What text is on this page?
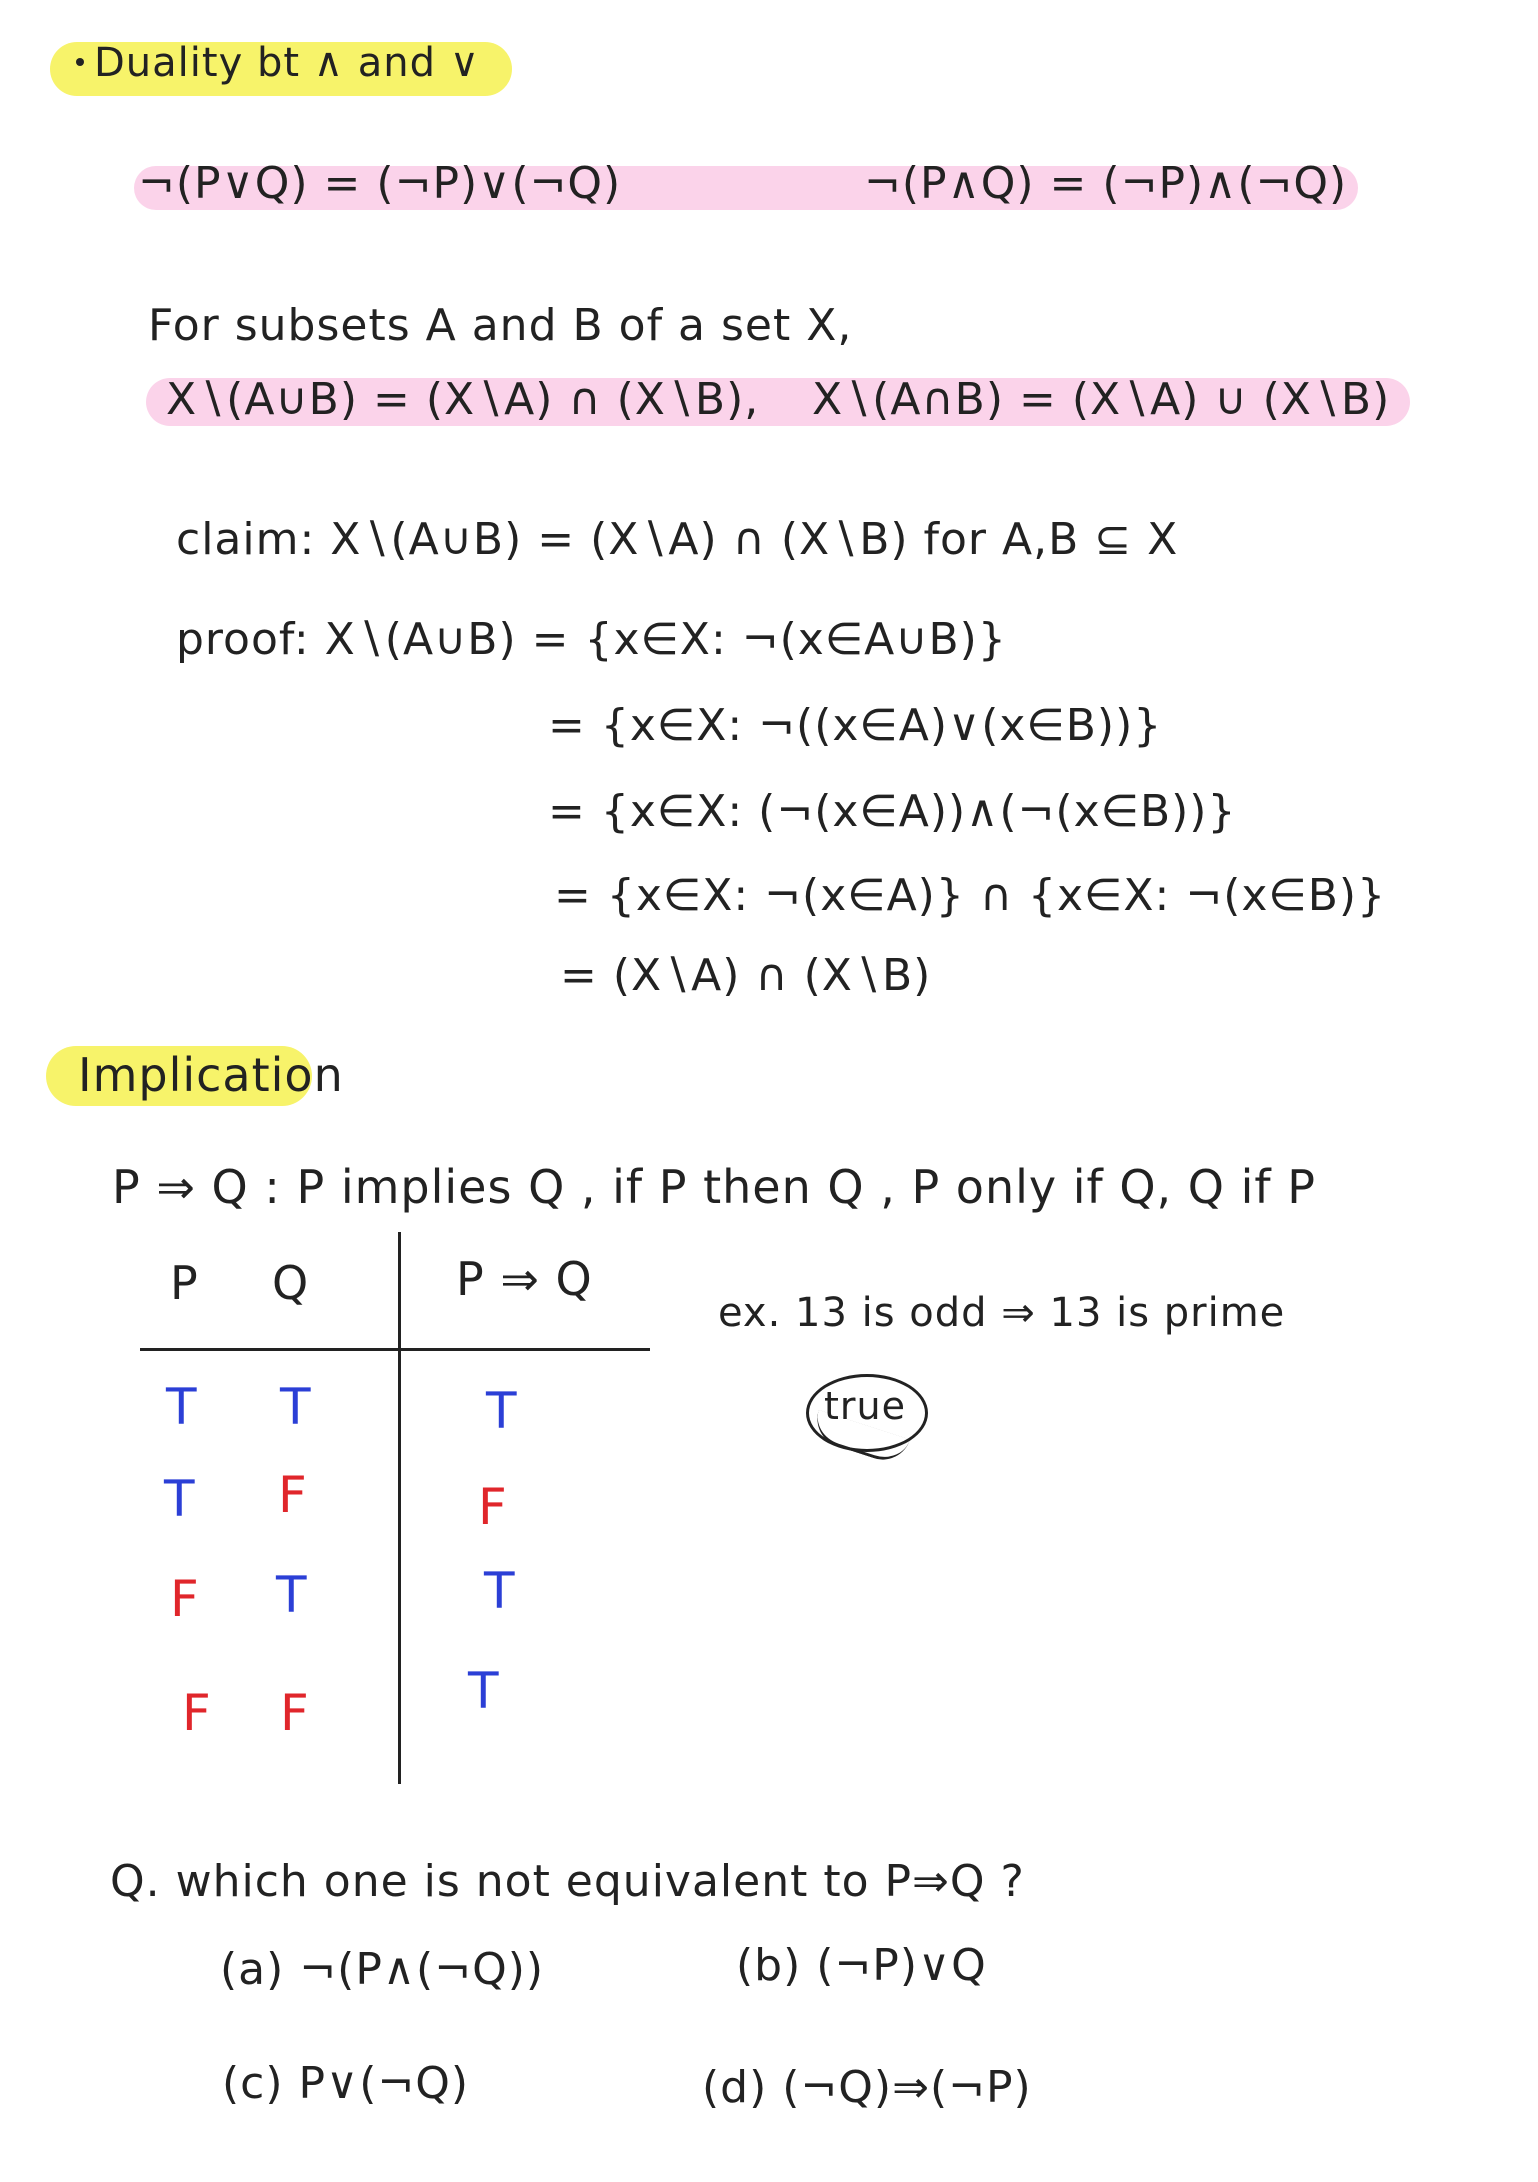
Duality bt ∧ and ∨
¬(P∨Q) = (¬P)∨(¬Q)	¬(P∧Q) = (¬P)∧(¬Q)
For subsets A and B of a set X,
X∖(A∪B) = (X∖A) ∩ (X∖B), X∖(A∩B) = (X∖A) ∪ (X∖B)
claim: X∖(A∪B) = (X∖A) ∩ (X∖B) for A,B ⊆ X
proof: X∖(A∪B) = {x∈X: ¬(x∈A∪B)}
= {x∈X: ¬((x∈A)∨(x∈B))}
= {x∈X: (¬(x∈A))∧(¬(x∈B))}
= {x∈X: ¬(x∈A)} ∩ {x∈X: ¬(x∈B)}
= (X∖A) ∩ (X∖B)
Implication
P ⇒ Q : P implies Q , if P then Q , P only if Q, Q if P
P Q	P ⇒ Q
T T	T
T F	F
F T	T
F F	T
ex. 13 is odd ⇒ 13 is prime
true
Q. which one is not equivalent to P⇒Q ?
(a) ¬(P∧(¬Q))	(b) (¬P)∨Q
(c) P∨(¬Q)	(d) (¬Q)⇒(¬P)
